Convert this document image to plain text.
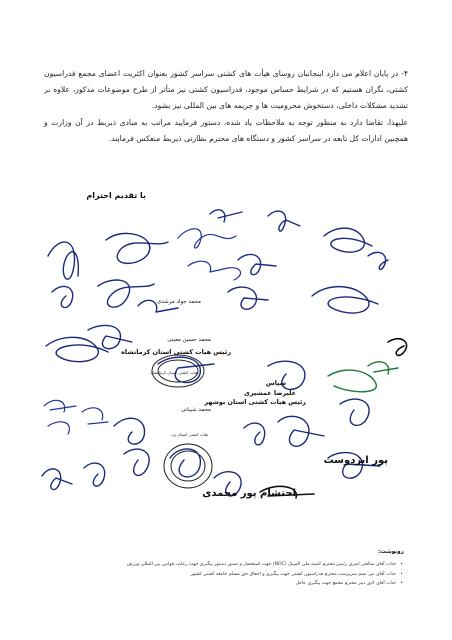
۴- در پایان اعلام می دارد اینجانبان روسای هیأت های کشتی سراسر کشور بعنوان اکثریت اعضای مجمع فدراسیون کشتی، نگران هستیم که در شرایط حساس موجود، فدراسیون کشتی نیز متأثر از طرح موضوعات مذکور، علاوه بر تشدید مشکلات داخلی، دستخوش محرومیت ها و جریمه های بین المللی نیز بشود.

علیهذا، تقاضا دارد به منظور توجه به ملاحظات یاد شده، دستور فرمایید مراتب به مبادی ذیربط در آن وزارت و همچنین ادارات کل تابعه در سراسر کشور و دستگاه های محترم نظارتی ذیربط منعکس فرمایند.

با تقدیم احترام
محمد جواد مرشدی
محمد حسین معینی
رئیس هیات کشتی استان کرمانشاه
سپاس
علیرضا عمشیری
رئیس هیات کشتی استان بوشهر
محمد شیبانی
پور ایزدوست
احتشام پور محمدی
هیات کشتی استان کرمانشاه
هیات کشتی استان یزد
رونوشت:
• جناب آقای صالحی امیری رئیس محترم کمیته ملی المپیک (NOC) جهت استحضار و صدور دستور پیگیری جهت رعایت قوانین بین المللی ورزش
• جناب آقای بنی تمیم سرپرست محترم فدراسیون کشتی جهت پیگیری و احقاق حق مسلم جامعه کشتی کشور
• جناب آقای لایق دبیر محترم مجمع جهت پیگیری عاجل
